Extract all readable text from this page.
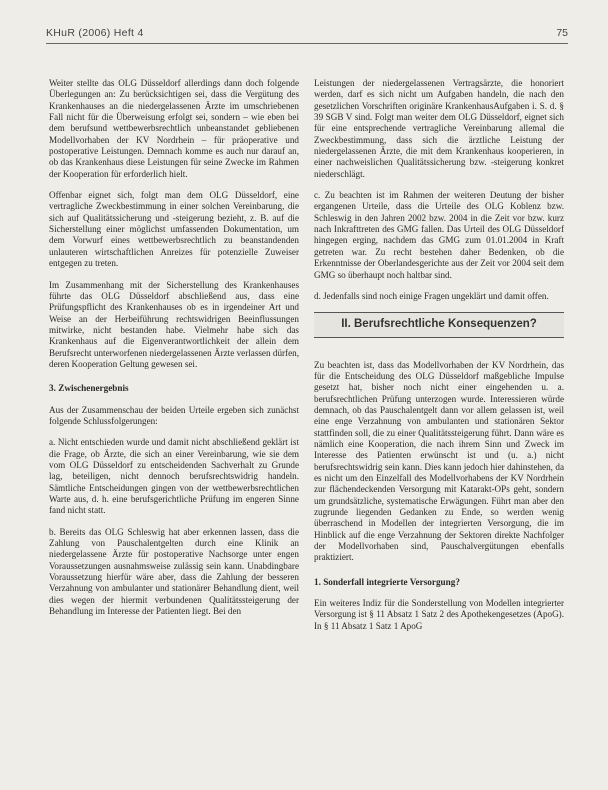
KHuR (2006) Heft 4	75

Weiter stellte das OLG Düsseldorf allerdings dann doch folgende Überlegungen an: Zu berücksichtigen sei, dass die Vergütung des Krankenhauses an die niedergelassenen Ärzte im umschriebenen Fall nicht für die Überweisung erfolgt sei, sondern – wie eben bei dem berufsund wettbewerbsrechtlich unbeanstandet gebliebenen Modellvorhaben der KV Nordrhein – für präoperative und postoperative Leistungen. Demnach komme es auch nur darauf an, ob das Krankenhaus diese Leistungen für seine Zwecke im Rahmen der Kooperation für erforderlich hielt.

Offenbar eignet sich, folgt man dem OLG Düsseldorf, eine vertragliche Zweckbestimmung in einer solchen Vereinbarung, die sich auf Qualitätssicherung und -steigerung bezieht, z. B. auf die Sicherstellung einer möglichst umfassenden Dokumentation, um dem Vorwurf eines wettbewerbsrechtlich zu beanstandenden unlauteren wirtschaftlichen Anreizes für potenzielle Zuweiser entgegen zu treten.

Im Zusammenhang mit der Sicherstellung des Krankenhauses führte das OLG Düsseldorf abschließend aus, dass eine Prüfungspflicht des Krankenhauses ob es in irgendeiner Art und Weise an der Herbeiführung rechtswidrigen Beeinflussungen mitwirke, nicht bestanden habe. Vielmehr habe sich das Krankenhaus auf die Eigenverantwortlichkeit der allein dem Berufsrecht unterworfenen niedergelassenen Ärzte verlassen dürfen, deren Kooperation Geltung gewesen sei.

3. Zwischenergebnis

Aus der Zusammenschau der beiden Urteile ergeben sich zunächst folgende Schlussfolgerungen:

a. Nicht entschieden wurde und damit nicht abschließend geklärt ist die Frage, ob Ärzte, die sich an einer Vereinbarung, wie sie dem vom OLG Düsseldorf zu entscheidenden Sachverhalt zu Grunde lag, beteiligen, nicht dennoch berufsrechtswidrig handeln. Sämtliche Entscheidungen gingen von der wettbewerbsrechtlichen Warte aus, d. h. eine berufsgerichtliche Prüfung im engeren Sinne fand nicht statt.

b. Bereits das OLG Schleswig hat aber erkennen lassen, dass die Zahlung von Pauschalentgelten durch eine Klinik an niedergelassene Ärzte für postoperative Nachsorge unter engen Voraussetzungen ausnahmsweise zulässig sein kann. Unabdingbare Voraussetzung hierfür wäre aber, dass die Zahlung der besseren Verzahnung von ambulanter und stationärer Behandlung dient, weil dies wegen der hiermit verbundenen Qualitätssteigerung der Behandlung im Interesse der Patienten liegt. Bei den

Leistungen der niedergelassenen Vertragsärzte, die honoriert werden, darf es sich nicht um Aufgaben handeln, die nach den gesetzlichen Vorschriften originäre KrankenhausAufgaben i. S. d. § 39 SGB V sind. Folgt man weiter dem OLG Düsseldorf, eignet sich für eine entsprechende vertragliche Vereinbarung allemal die Zweckbestimmung, dass sich die ärztliche Leistung der niedergelassenen Ärzte, die mit dem Krankenhaus kooperieren, in einer nachweislichen Qualitätssicherung bzw. -steigerung konkret niederschlägt.

c. Zu beachten ist im Rahmen der weiteren Deutung der bisher ergangenen Urteile, dass die Urteile des OLG Koblenz bzw. Schleswig in den Jahren 2002 bzw. 2004 in die Zeit vor bzw. kurz nach Inkrafttreten des GMG fallen. Das Urteil des OLG Düsseldorf hingegen erging, nachdem das GMG zum 01.01.2004 in Kraft getreten war. Zu recht bestehen daher Bedenken, ob die Erkenntnisse der Oberlandesgerichte aus der Zeit vor 2004 seit dem GMG so überhaupt noch haltbar sind.

d. Jedenfalls sind noch einige Fragen ungeklärt und damit offen.

II. Berufsrechtliche Konsequenzen?

Zu beachten ist, dass das Modellvorhaben der KV Nordrhein, das für die Entscheidung des OLG Düsseldorf maßgebliche Impulse gesetzt hat, bisher noch nicht einer eingehenden u. a. berufsrechtlichen Prüfung unterzogen wurde. Interessieren würde demnach, ob das Pauschalentgelt dann vor allem gelassen ist, weil eine enge Verzahnung von ambulanten und stationären Sektor stattfinden soll, die zu einer Qualitätssteigerung führt. Dann wäre es nämlich eine Kooperation, die nach ihrem Sinn und Zweck im Interesse des Patienten erwünscht ist und (u. a.) nicht berufsrechtswidrig sein kann. Dies kann jedoch hier dahinstehen, da es nicht um den Einzelfall des Modellvorhabens der KV Nordrhein zur flächendeckenden Versorgung mit Katarakt-OPs geht, sondern um grundsätzliche, systematische Erwägungen. Führt man aber den zugrunde liegenden Gedanken zu Ende, so werden wenig überraschend in Modellen der integrierten Versorgung, die im Hinblick auf die enge Verzahnung der Sektoren direkte Nachfolger der Modellvorhaben sind, Pauschalvergütungen ebenfalls praktiziert.

1. Sonderfall integrierte Versorgung?

Ein weiteres Indiz für die Sonderstellung von Modellen integrierter Versorgung ist § 11 Absatz 1 Satz 2 des Apothekengesetzes (ApoG). In § 11 Absatz 1 Satz 1 ApoG
